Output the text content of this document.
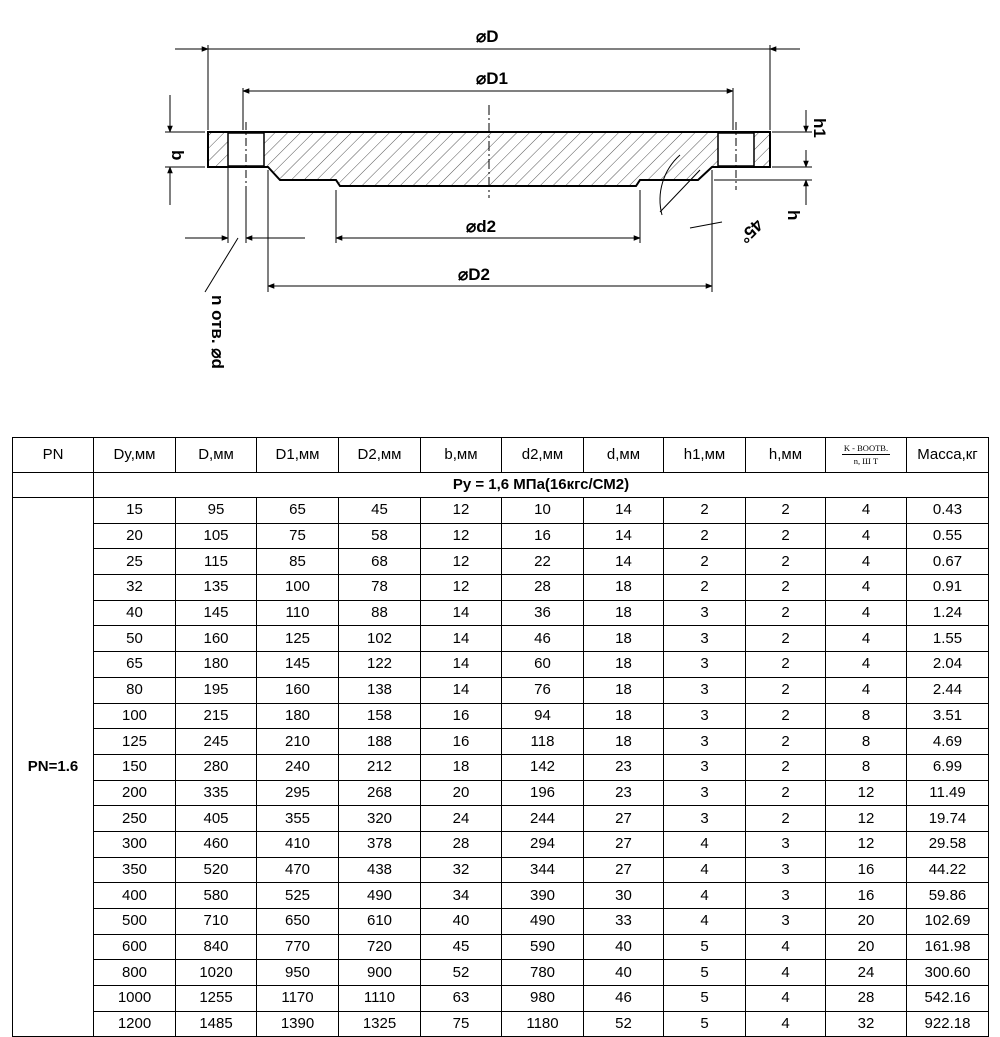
⌀D
⌀D1
⌀d2
⌀D2
b
h1
h
45°
n отв. ⌀d
PN	Dy,мм	D,мм	D1,мм	D2,мм	b,мм	d2,мм	d,мм	h1,мм	h,мм	$\frac{\text{K - BOOTB.}}{\text{n, Ш Т}}$	Масса,кг
	Py = 1,6 МПа(16кгс/СМ2)										
PN=1.6	15	95	65	45	12	10	14	2	2	4	0.43
	20	105	75	58	12	16	14	2	2	4	0.55
	25	115	85	68	12	22	14	2	2	4	0.67
	32	135	100	78	12	28	18	2	2	4	0.91
	40	145	110	88	14	36	18	3	2	4	1.24
	50	160	125	102	14	46	18	3	2	4	1.55
	65	180	145	122	14	60	18	3	2	4	2.04
	80	195	160	138	14	76	18	3	2	4	2.44
	100	215	180	158	16	94	18	3	2	8	3.51
	125	245	210	188	16	118	18	3	2	8	4.69
	150	280	240	212	18	142	23	3	2	8	6.99
	200	335	295	268	20	196	23	3	2	12	11.49
	250	405	355	320	24	244	27	3	2	12	19.74
	300	460	410	378	28	294	27	4	3	12	29.58
	350	520	470	438	32	344	27	4	3	16	44.22
	400	580	525	490	34	390	30	4	3	16	59.86
	500	710	650	610	40	490	33	4	3	20	102.69
	600	840	770	720	45	590	40	5	4	20	161.98
	800	1020	950	900	52	780	40	5	4	24	300.60
	1000	1255	1170	1110	63	980	46	5	4	28	542.16
	1200	1485	1390	1325	75	1180	52	5	4	32	922.18
